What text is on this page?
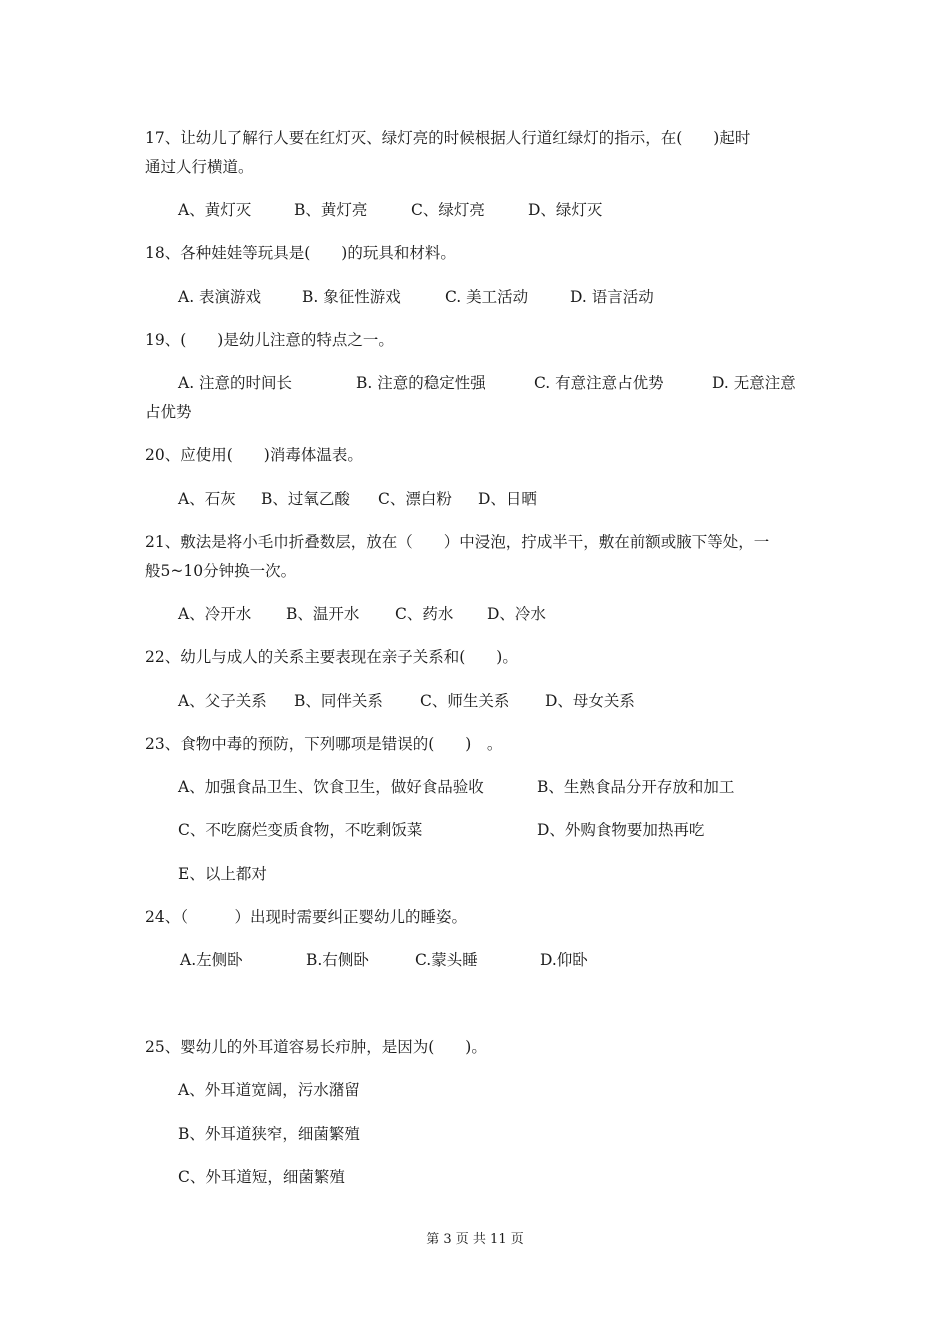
17、让幼儿了解行人要在红灯灭、绿灯亮的时候根据人行道红绿灯的指示，在(　　)起时
通过人行横道。
A、黄灯灭	B、黄灯亮	C、绿灯亮	D、绿灯灭
18、各种娃娃等玩具是(　　)的玩具和材料。
A. 表演游戏	B. 象征性游戏	C. 美工活动	D. 语言活动
19、(　　)是幼儿注意的特点之一。
A. 注意的时间长	B. 注意的稳定性强	C. 有意注意占优势	D. 无意注意
占优势
20、应使用(　　)消毒体温表。
A、石灰 B、过氧乙酸 C、漂白粉 D、日晒
21、敷法是将小毛巾折叠数层，放在（　　）中浸泡，拧成半干，敷在前额或腋下等处，一
般5~10分钟换一次。
A、冷开水 B、温开水 C、药水 D、冷水
22、幼儿与成人的关系主要表现在亲子关系和(　　)。
A、父子关系 B、同伴关系 C、师生关系 D、母女关系
23、食物中毒的预防，下列哪项是错误的(　　)　。
A、加强食品卫生、饮食卫生，做好食品验收	B、生熟食品分开存放和加工
C、不吃腐烂变质食物，不吃剩饭菜	D、外购食物要加热再吃
E、以上都对
24、（　　　）出现时需要纠正婴幼儿的睡姿。
A.左侧卧	B.右侧卧	C.蒙头睡	D.仰卧
25、婴幼儿的外耳道容易长疖肿，是因为(　　)。
A、外耳道宽阔，污水潴留
B、外耳道狭窄，细菌繁殖
C、外耳道短，细菌繁殖
第 3 页 共 11 页
